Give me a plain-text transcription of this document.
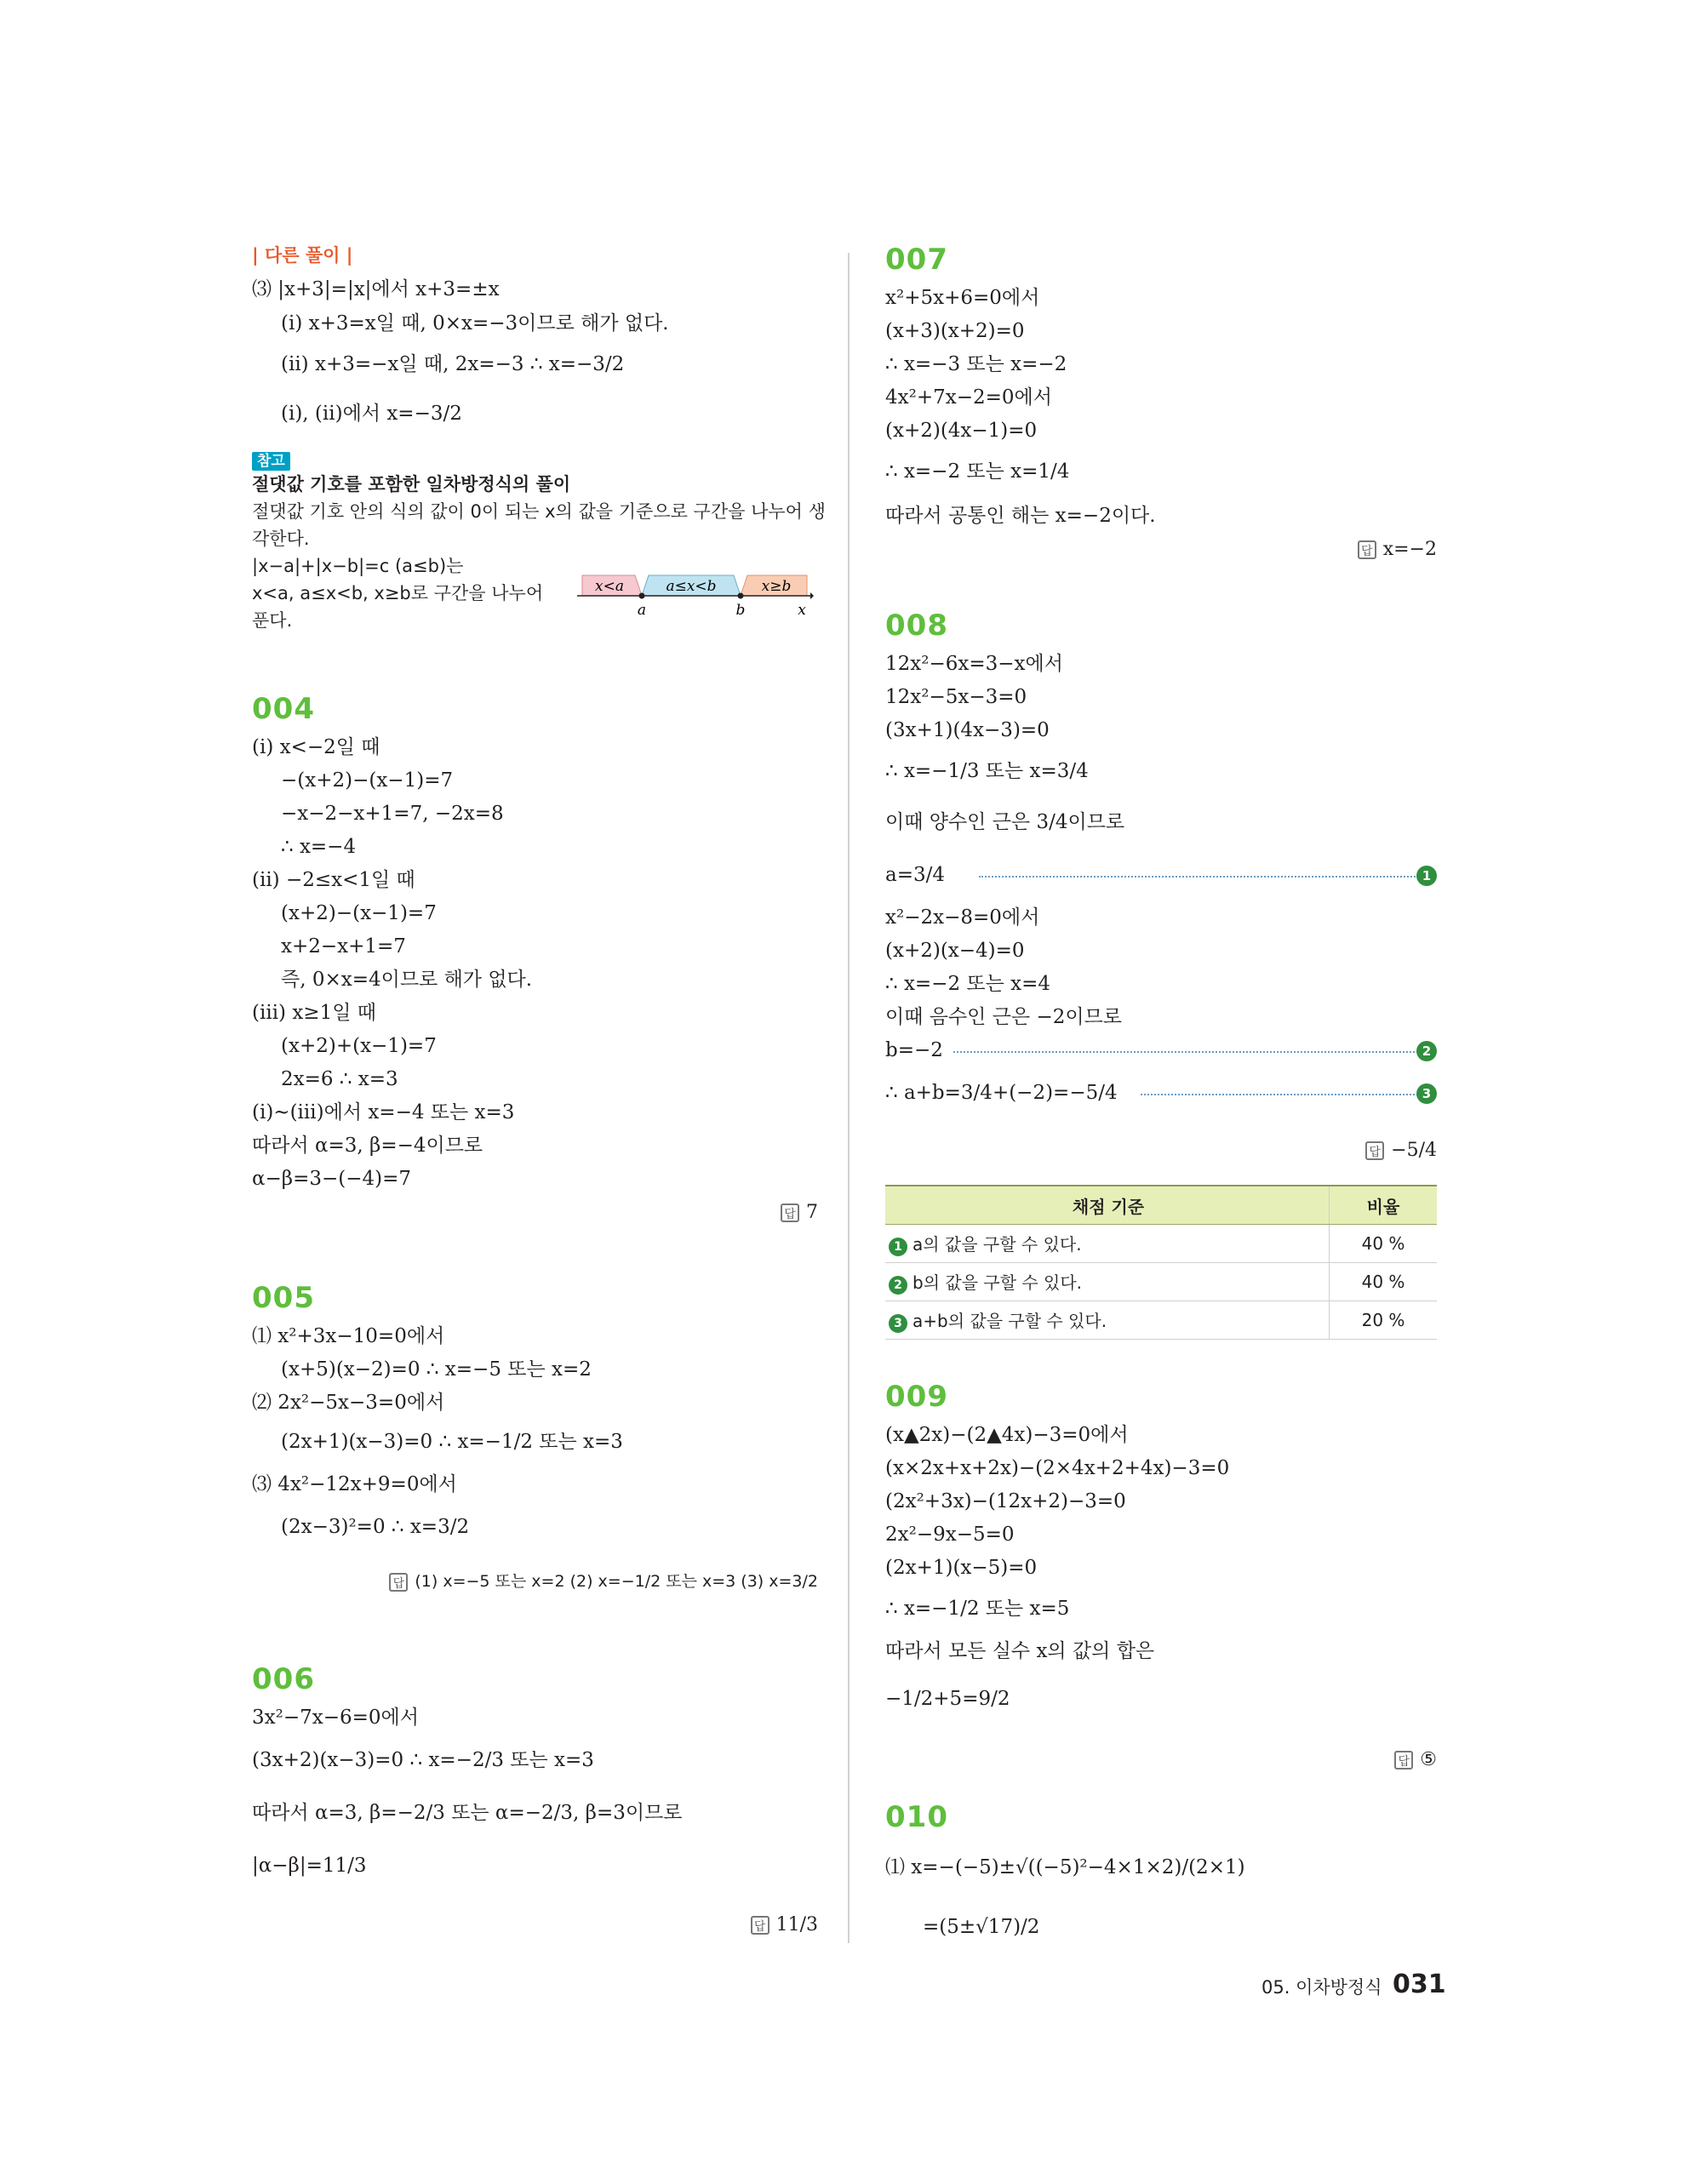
| 다른 풀이 |
⑶ |x+3|=|x|에서 x+3=±x
(ⅰ) x+3=x일 때, 0×x=−3이므로 해가 없다.
(ⅱ) x+3=−x일 때, 2x=−3 ∴ x=−3/2
(ⅰ), (ⅱ)에서 x=−3/2
참고
절댓값 기호를 포함한 일차방정식의 풀이
절댓값 기호 안의 식의 값이 0이 되는 x의 값을 기준으로 구간을 나누어 생
각한다.
|x−a|+|x−b|=c (a≤b)는
x<a, a≤x<b, x≥b로 구간을 나누어
푼다.
x<a	a≤x<b	x≥b
a	b	x
004
(ⅰ) x<−2일 때
−(x+2)−(x−1)=7
−x−2−x+1=7, −2x=8
∴ x=−4
(ⅱ) −2≤x<1일 때
(x+2)−(x−1)=7
x+2−x+1=7
즉, 0×x=4이므로 해가 없다.
(ⅲ) x≥1일 때
(x+2)+(x−1)=7
2x=6 ∴ x=3
(ⅰ)~(ⅲ)에서 x=−4 또는 x=3
따라서 α=3, β=−4이므로
α−β=3−(−4)=7
답 7
005
⑴ x²+3x−10=0에서
(x+5)(x−2)=0 ∴ x=−5 또는 x=2
⑵ 2x²−5x−3=0에서
(2x+1)(x−3)=0 ∴ x=−1/2 또는 x=3
⑶ 4x²−12x+9=0에서
(2x−3)²=0 ∴ x=3/2
답 (1) x=−5 또는 x=2 (2) x=−1/2 또는 x=3 (3) x=3/2
006
3x²−7x−6=0에서
(3x+2)(x−3)=0 ∴ x=−2/3 또는 x=3
따라서 α=3, β=−2/3 또는 α=−2/3, β=3이므로
|α−β|=11/3
답 11/3
007
x²+5x+6=0에서
(x+3)(x+2)=0
∴ x=−3 또는 x=−2
4x²+7x−2=0에서
(x+2)(4x−1)=0
∴ x=−2 또는 x=1/4
따라서 공통인 해는 x=−2이다.
답 x=−2
008
12x²−6x=3−x에서
12x²−5x−3=0
(3x+1)(4x−3)=0
∴ x=−1/3 또는 x=3/4
이때 양수인 근은 3/4이므로
a=3/4	1
x²−2x−8=0에서
(x+2)(x−4)=0
∴ x=−2 또는 x=4
이때 음수인 근은 −2이므로
b=−2	2
∴ a+b=3/4+(−2)=−5/4	3
답 −5/4
채점 기준	비율
1 a의 값을 구할 수 있다.	40 %
2 b의 값을 구할 수 있다.	40 %
3 a+b의 값을 구할 수 있다.	20 %
009
(x▲2x)−(2▲4x)−3=0에서
(x×2x+x+2x)−(2×4x+2+4x)−3=0
(2x²+3x)−(12x+2)−3=0
2x²−9x−5=0
(2x+1)(x−5)=0
∴ x=−1/2 또는 x=5
따라서 모든 실수 x의 값의 합은
−1/2+5=9/2
답 ⑤
010
⑴ x=−(−5)±√((−5)²−4×1×2)/(2×1)
=(5±√17)/2
05. 이차방정식 031
